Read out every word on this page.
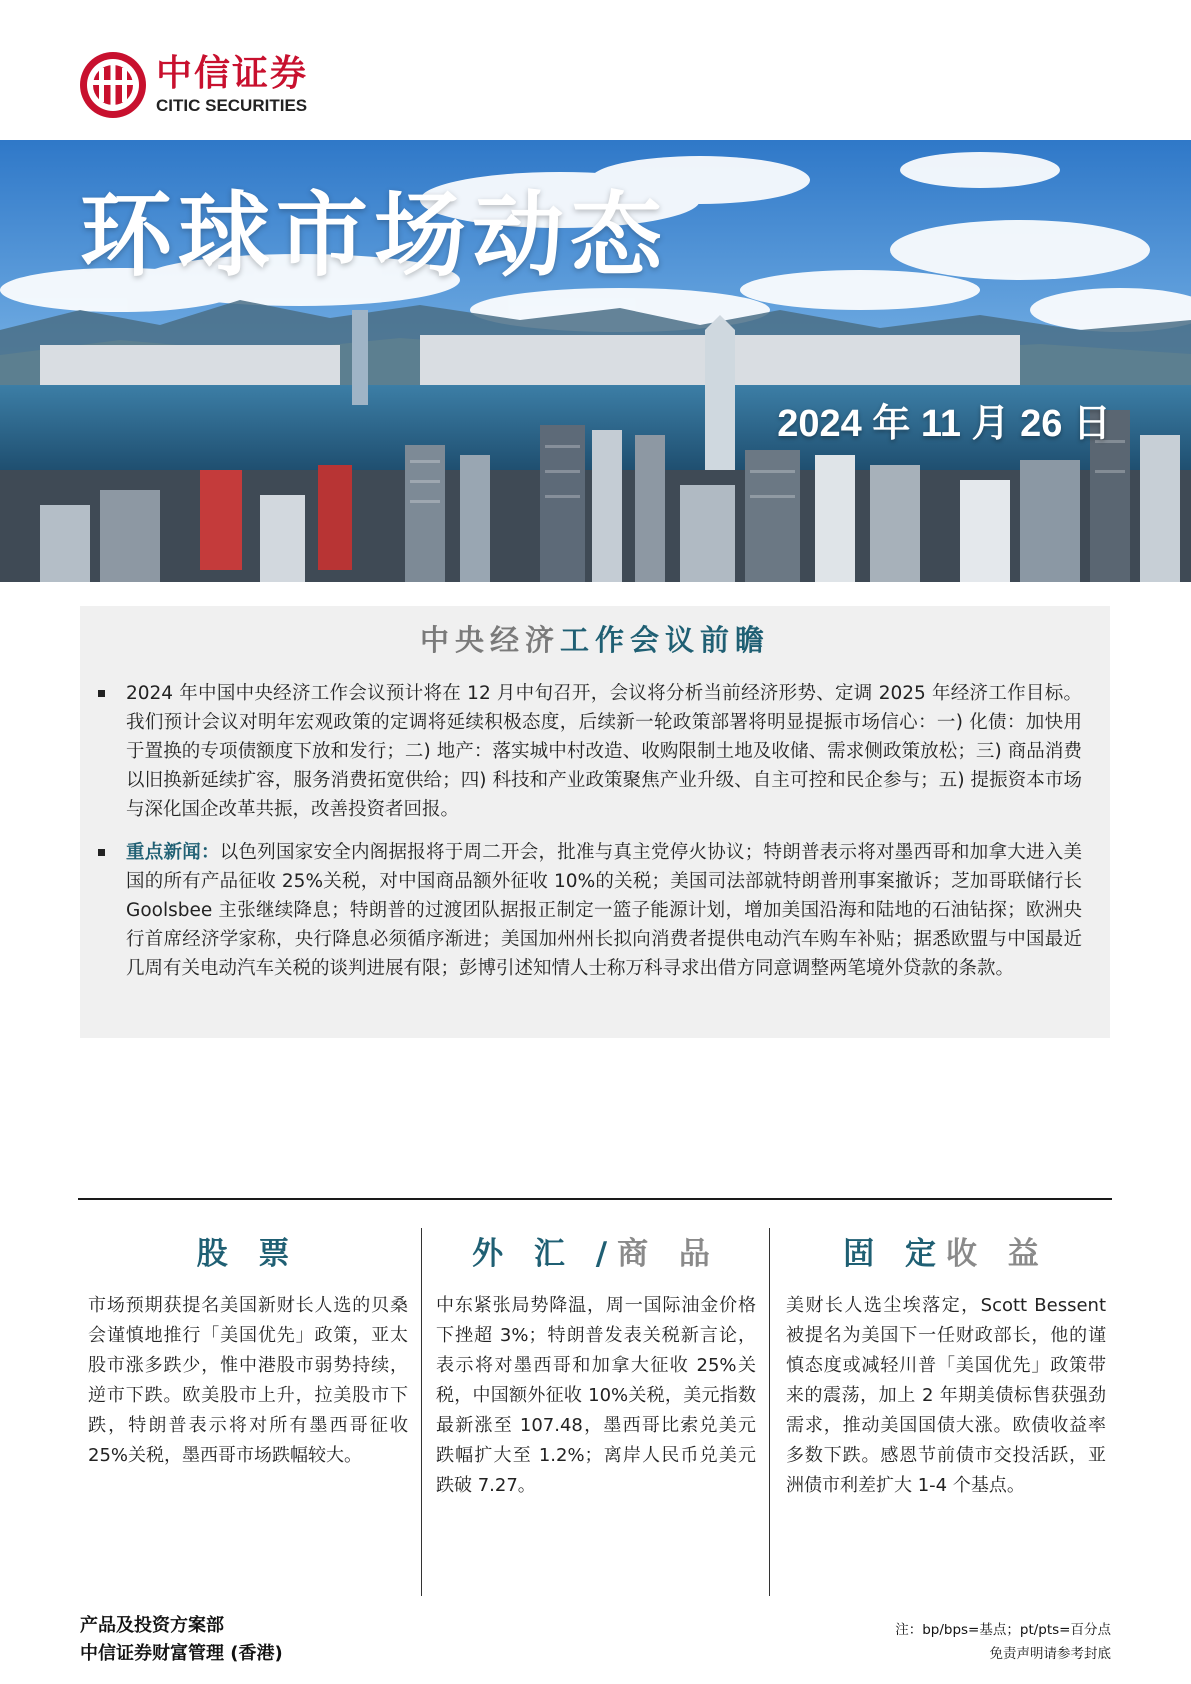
中信证券
CITIC SECURITIES
环球市场动态
2024 年 11 月 26 日
中央经济工作会议前瞻
2024 年中国中央经济工作会议预计将在 12 月中旬召开，会议将分析当前经济形势、定调 2025 年经济工作目标。我们预计会议对明年宏观政策的定调将延续积极态度，后续新一轮政策部署将明显提振市场信心：一) 化债：加快用于置换的专项债额度下放和发行；二) 地产：落实城中村改造、收购限制土地及收储、需求侧政策放松；三) 商品消费以旧换新延续扩容，服务消费拓宽供给；四) 科技和产业政策聚焦产业升级、自主可控和民企参与；五) 提振资本市场与深化国企改革共振，改善投资者回报。
重点新闻：以色列国家安全内阁据报将于周二开会，批准与真主党停火协议；特朗普表示将对墨西哥和加拿大进入美国的所有产品征收 25%关税，对中国商品额外征收 10%的关税；美国司法部就特朗普刑事案撤诉；芝加哥联储行长 Goolsbee 主张继续降息；特朗普的过渡团队据报正制定一篮子能源计划，增加美国沿海和陆地的石油钻探；欧洲央行首席经济学家称，央行降息必须循序渐进；美国加州州长拟向消费者提供电动汽车购车补贴；据悉欧盟与中国最近几周有关电动汽车关税的谈判进展有限；彭博引述知情人士称万科寻求出借方同意调整两笔境外贷款的条款。
股 票
市场预期获提名美国新财长人选的贝桑会谨慎地推行「美国优先」政策，亚太股市涨多跌少，惟中港股市弱势持续，逆市下跌。欧美股市上升，拉美股市下跌，特朗普表示将对所有墨西哥征收 25%关税，墨西哥市场跌幅较大。
外 汇 /商 品
中东紧张局势降温，周一国际油金价格下挫超 3%；特朗普发表关税新言论，表示将对墨西哥和加拿大征收 25%关税，中国额外征收 10%关税，美元指数最新涨至 107.48，墨西哥比索兑美元跌幅扩大至 1.2%；离岸人民币兑美元跌破 7.27。
固 定收 益
美财长人选尘埃落定，Scott Bessent 被提名为美国下一任财政部长，他的谨慎态度或减轻川普「美国优先」政策带来的震荡，加上 2 年期美债标售获强劲需求，推动美国国债大涨。欧债收益率多数下跌。感恩节前债市交投活跃，亚洲债市利差扩大 1-4 个基点。
产品及投资方案部
中信证券财富管理 (香港)
注：bp/bps=基点；pt/pts=百分点
免责声明请参考封底
